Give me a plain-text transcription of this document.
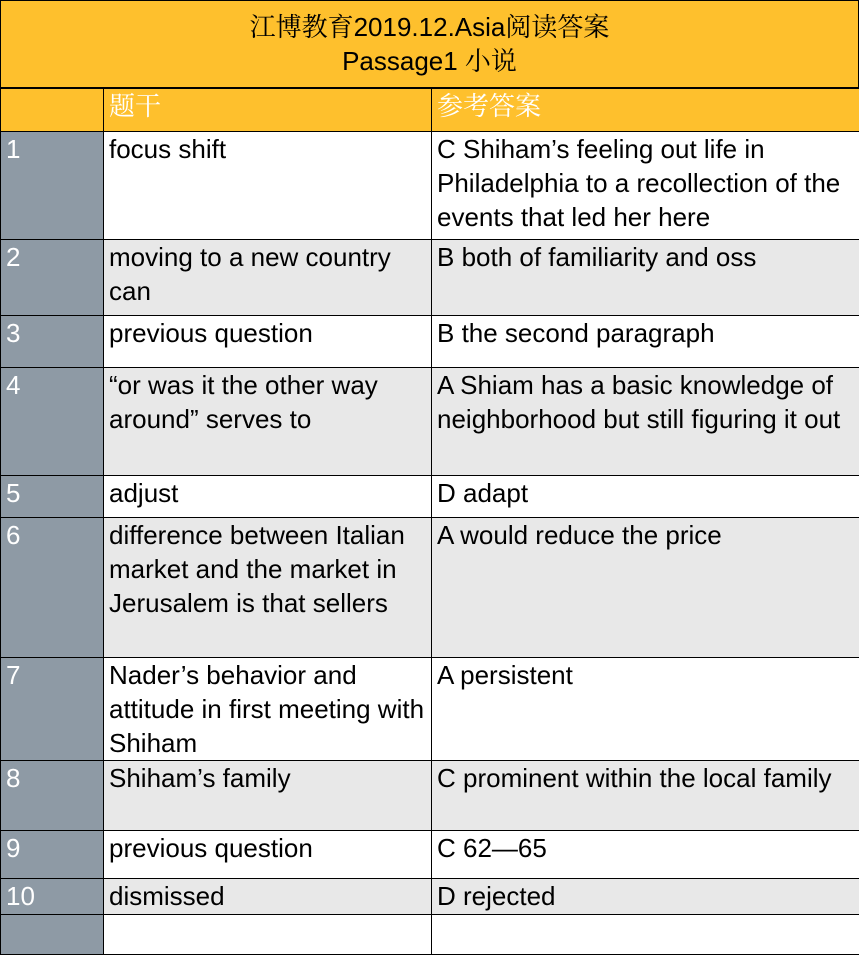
江博教育2019.12.Asia阅读答案
Passage1 小说
	题干	参考答案
1	focus shift	C Shiham’s feeling out life in Philadelphia to a recollection of the events that led her here
2	moving to a new country can	B both of familiarity and oss
3	previous question	B the second paragraph
4	“or was it the other way around” serves to	A Shiam has a basic knowledge of neighborhood but still figuring it out
5	adjust	D adapt
6	difference between Italian market and the market in Jerusalem is that sellers	A would reduce the price
7	Nader’s behavior and attitude in first meeting with Shiham	A persistent
8	Shiham’s family	C prominent within the local family
9	previous question	C 62—65
10	dismissed	D rejected
